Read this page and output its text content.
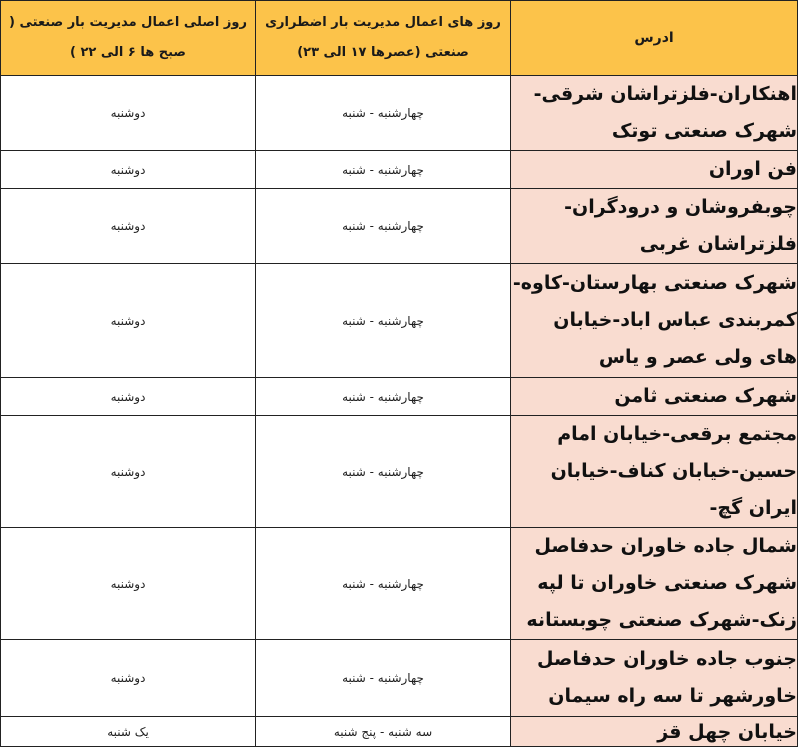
ادرس	روز های اعمال مدیریت بار اضطراری صنعتی (عصرها ۱۷ الی ۲۳)	روز اصلی اعمال مدیریت بار صنعتی ( صبح ها ۶ الی ۲۲ )
اهنکاران-فلزتراشان شرقی-شهرک صنعتی توتک	چهارشنبه - شنبه	دوشنبه
فن اوران	چهارشنبه - شنبه	دوشنبه
چوبفروشان و درودگران-فلزتراشان غربی	چهارشنبه - شنبه	دوشنبه
شهرک صنعتی بهارستان-کاوه-کمربندی عباس اباد-خیابان های ولی عصر و یاس	چهارشنبه - شنبه	دوشنبه
شهرک صنعتی ثامن	چهارشنبه - شنبه	دوشنبه
مجتمع برقعی-خیابان امام حسین-خیابان کناف-خیابان ایران گچ-	چهارشنبه - شنبه	دوشنبه
شمال جاده خاوران حدفاصل شهرک صنعتی خاوران تا لپه زنک-شهرک صنعتی چوبستانه	چهارشنبه - شنبه	دوشنبه
جنوب جاده خاوران حدفاصل خاورشهر تا سه راه سیمان	چهارشنبه - شنبه	دوشنبه
خیابان چهل قز	سه شنبه - پنج شنبه	یک شنبه
